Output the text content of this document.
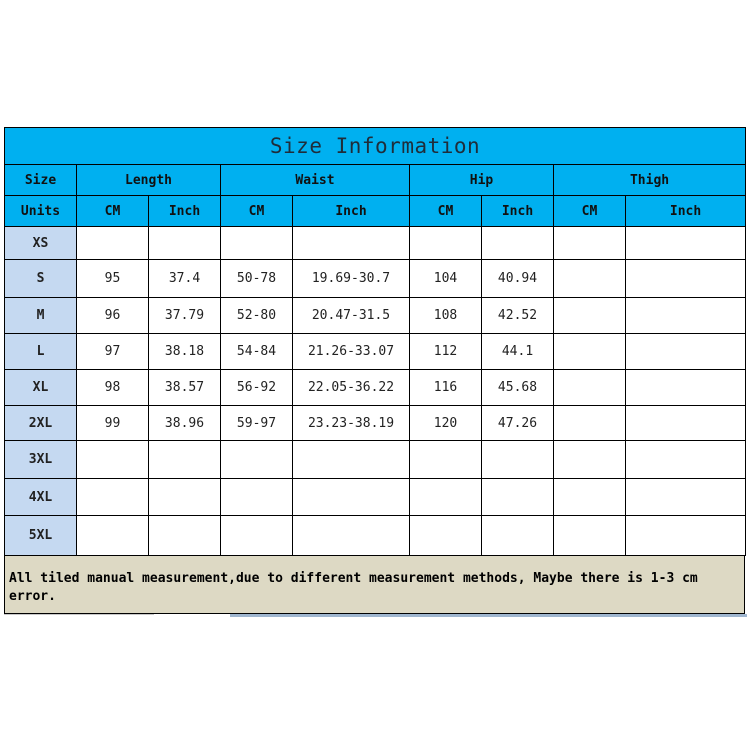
Size Information								
Size	Length		Waist		Hip		Thigh	
Units	CM	Inch	CM	Inch	CM	Inch	CM	Inch
XS								
S	95	37.4	50-78	19.69-30.7	104	40.94		
M	96	37.79	52-80	20.47-31.5	108	42.52		
L	97	38.18	54-84	21.26-33.07	112	44.1		
XL	98	38.57	56-92	22.05-36.22	116	45.68		
2XL	99	38.96	59-97	23.23-38.19	120	47.26		
3XL								
4XL								
5XL								
All tiled manual measurement,due to different measurement methods, Maybe there is 1-3 cm error.
